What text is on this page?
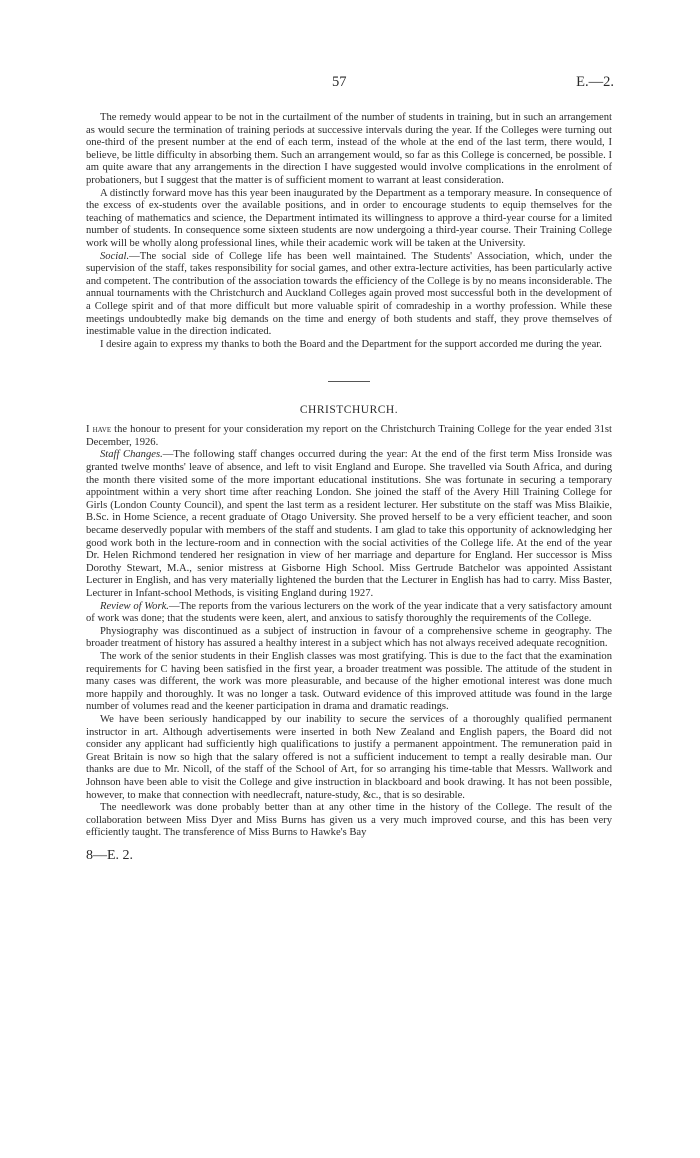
57	E.—2.

The remedy would appear to be not in the curtailment of the number of students in training, but in such an arrangement as would secure the termination of training periods at successive intervals during the year. If the Colleges were turning out one-third of the present number at the end of each term, instead of the whole at the end of the last term, there would, I believe, be little difficulty in absorbing them. Such an arrangement would, so far as this College is concerned, be possible. I am quite aware that any arrangements in the direction I have suggested would involve complications in the enrolment of probationers, but I suggest that the matter is of sufficient moment to warrant at least consideration.

A distinctly forward move has this year been inaugurated by the Department as a temporary measure. In consequence of the excess of ex-students over the available positions, and in order to encourage students to equip themselves for the teaching of mathematics and science, the Department intimated its willingness to approve a third-year course for a limited number of students. In consequence some sixteen students are now undergoing a third-year course. Their Training College work will be wholly along professional lines, while their academic work will be taken at the University.

Social.—The social side of College life has been well maintained. The Students' Association, which, under the supervision of the staff, takes responsibility for social games, and other extra-lecture activities, has been particularly active and competent. The contribution of the association towards the efficiency of the College is by no means inconsiderable. The annual tournaments with the Christchurch and Auckland Colleges again proved most successful both in the development of a College spirit and of that more difficult but more valuable spirit of comradeship in a worthy profession. While these meetings undoubtedly make big demands on the time and energy of both students and staff, they prove themselves of inestimable value in the direction indicated.

I desire again to express my thanks to both the Board and the Department for the support accorded me during the year.

CHRISTCHURCH.

I have the honour to present for your consideration my report on the Christchurch Training College for the year ended 31st December, 1926.

Staff Changes.—The following staff changes occurred during the year: At the end of the first term Miss Ironside was granted twelve months' leave of absence, and left to visit England and Europe. She travelled via South Africa, and during the month there visited some of the more important educational institutions. She was fortunate in securing a temporary appointment within a very short time after reaching London. She joined the staff of the Avery Hill Training College for Girls (London County Council), and spent the last term as a resident lecturer. Her substitute on the staff was Miss Blaikie, B.Sc. in Home Science, a recent graduate of Otago University. She proved herself to be a very efficient teacher, and soon became deservedly popular with members of the staff and students. I am glad to take this opportunity of acknowledging her good work both in the lecture-room and in connection with the social activities of the College life. At the end of the year Dr. Helen Richmond tendered her resignation in view of her marriage and departure for England. Her successor is Miss Dorothy Stewart, M.A., senior mistress at Gisborne High School. Miss Gertrude Batchelor was appointed Assistant Lecturer in English, and has very materially lightened the burden that the Lecturer in English has had to carry. Miss Baster, Lecturer in Infant-school Methods, is visiting England during 1927.

Review of Work.—The reports from the various lecturers on the work of the year indicate that a very satisfactory amount of work was done; that the students were keen, alert, and anxious to satisfy thoroughly the requirements of the College.

Physiography was discontinued as a subject of instruction in favour of a comprehensive scheme in geography. The broader treatment of history has assured a healthy interest in a subject which has not always received adequate recognition.

The work of the senior students in their English classes was most gratifying. This is due to the fact that the examination requirements for C having been satisfied in the first year, a broader treatment was possible. The attitude of the student in many cases was different, the work was more pleasurable, and because of the higher emotional interest was done much more happily and thoroughly. It was no longer a task. Outward evidence of this improved attitude was found in the large number of volumes read and the keener participation in drama and dramatic readings.

We have been seriously handicapped by our inability to secure the services of a thoroughly qualified permanent instructor in art. Although advertisements were inserted in both New Zealand and English papers, the Board did not consider any applicant had sufficiently high qualifications to justify a permanent appointment. The remuneration paid in Great Britain is now so high that the salary offered is not a sufficient inducement to tempt a really desirable man. Our thanks are due to Mr. Nicoll, of the staff of the School of Art, for so arranging his time-table that Messrs. Wallwork and Johnson have been able to visit the College and give instruction in blackboard and book drawing. It has not been possible, however, to make that connection with needlecraft, nature-study, &c., that is so desirable.

The needlework was done probably better than at any other time in the history of the College. The result of the collaboration between Miss Dyer and Miss Burns has given us a very much improved course, and this has been very efficiently taught. The transference of Miss Burns to Hawke's Bay

8—E. 2.
